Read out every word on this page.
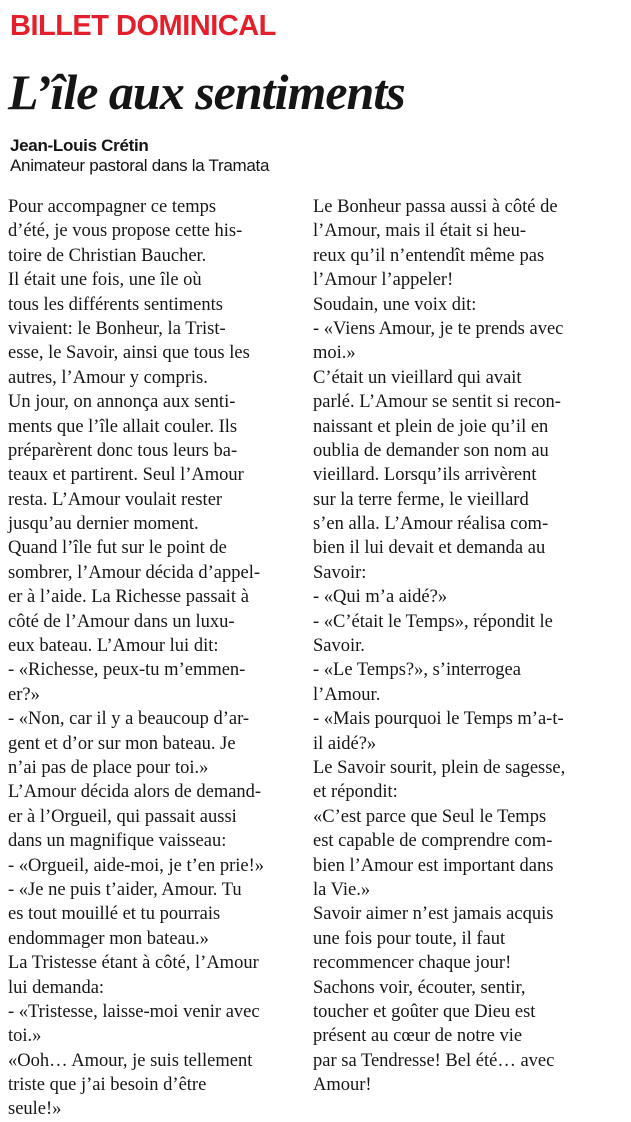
BILLET DOMINICAL
L’île aux sentiments
Jean-Louis Crétin
Animateur pastoral dans la Tramata
Pour accompagner ce temps
d’été, je vous propose cette his-
toire de Christian Baucher.
Il était une fois, une île où
tous les différents sentiments
vivaient: le Bonheur, la Trist-
esse, le Savoir, ainsi que tous les
autres, l’Amour y compris.
Un jour, on annonça aux senti-
ments que l’île allait couler. Ils
préparèrent donc tous leurs ba-
teaux et partirent. Seul l’Amour
resta. L’Amour voulait rester
jusqu’au dernier moment.
Quand l’île fut sur le point de
sombrer, l’Amour décida d’appel-
er à l’aide. La Richesse passait à
côté de l’Amour dans un luxu-
eux bateau. L’Amour lui dit:
- «Richesse, peux-tu m’emmen-
er?»
- «Non, car il y a beaucoup d’ar-
gent et d’or sur mon bateau. Je
n’ai pas de place pour toi.»
L’Amour décida alors de demand-
er à l’Orgueil, qui passait aussi
dans un magnifique vaisseau:
- «Orgueil, aide-moi, je t’en prie!»
- «Je ne puis t’aider, Amour. Tu
es tout mouillé et tu pourrais
endommager mon bateau.»
La Tristesse étant à côté, l’Amour
lui demanda:
- «Tristesse, laisse-moi venir avec
toi.»
«Ooh… Amour, je suis tellement
triste que j’ai besoin d’être
seule!»
Le Bonheur passa aussi à côté de
l’Amour, mais il était si heu-
reux qu’il n’entendît même pas
l’Amour l’appeler!
Soudain, une voix dit:
- «Viens Amour, je te prends avec
moi.»
C’était un vieillard qui avait
parlé. L’Amour se sentit si recon-
naissant et plein de joie qu’il en
oublia de demander son nom au
vieillard. Lorsqu’ils arrivèrent
sur la terre ferme, le vieillard
s’en alla. L’Amour réalisa com-
bien il lui devait et demanda au
Savoir:
- «Qui m’a aidé?»
- «C’était le Temps», répondit le
Savoir.
- «Le Temps?», s’interrogea
l’Amour.
- «Mais pourquoi le Temps m’a-t-
il aidé?»
Le Savoir sourit, plein de sagesse,
et répondit:
«C’est parce que Seul le Temps
est capable de comprendre com-
bien l’Amour est important dans
la Vie.»
Savoir aimer n’est jamais acquis
une fois pour toute, il faut
recommencer chaque jour!
Sachons voir, écouter, sentir,
toucher et goûter que Dieu est
présent au cœur de notre vie
par sa Tendresse! Bel été… avec
Amour!
